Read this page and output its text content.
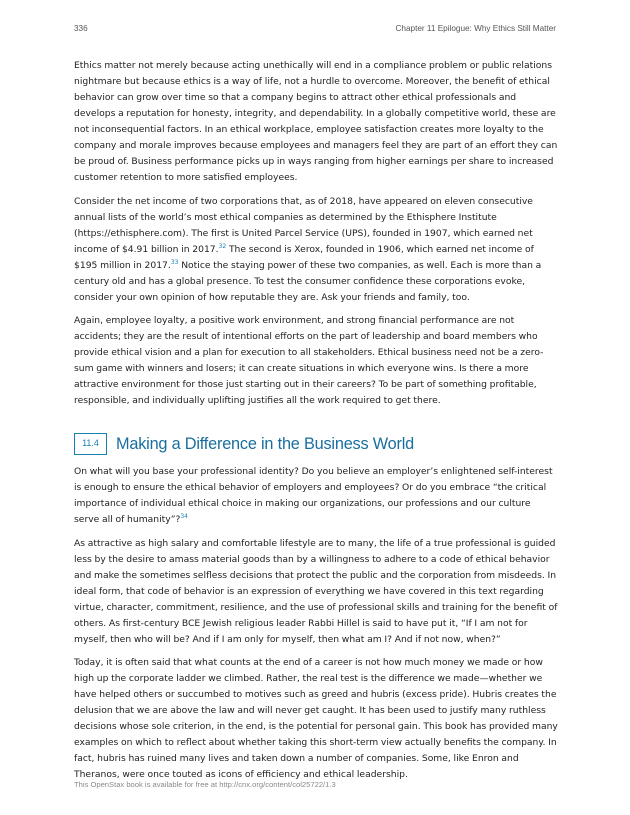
336	Chapter 11 Epilogue: Why Ethics Still Matter

Ethics matter not merely because acting unethically will end in a compliance problem or public relations nightmare but because ethics is a way of life, not a hurdle to overcome. Moreover, the benefit of ethical behavior can grow over time so that a company begins to attract other ethical professionals and develops a reputation for honesty, integrity, and dependability. In a globally competitive world, these are not inconsequential factors. In an ethical workplace, employee satisfaction creates more loyalty to the company and morale improves because employees and managers feel they are part of an effort they can be proud of. Business performance picks up in ways ranging from higher earnings per share to increased customer retention to more satisfied employees.

Consider the net income of two corporations that, as of 2018, have appeared on eleven consecutive annual lists of the world’s most ethical companies as determined by the Ethisphere Institute (https://ethisphere.com). The first is United Parcel Service (UPS), founded in 1907, which earned net income of $4.91 billion in 2017.32 The second is Xerox, founded in 1906, which earned net income of $195 million in 2017.33 Notice the staying power of these two companies, as well. Each is more than a century old and has a global presence. To test the consumer confidence these corporations evoke, consider your own opinion of how reputable they are. Ask your friends and family, too.

Again, employee loyalty, a positive work environment, and strong financial performance are not accidents; they are the result of intentional efforts on the part of leadership and board members who provide ethical vision and a plan for execution to all stakeholders. Ethical business need not be a zero-sum game with winners and losers; it can create situations in which everyone wins. Is there a more attractive environment for those just starting out in their careers? To be part of something profitable, responsible, and individually uplifting justifies all the work required to get there.

11.4	Making a Difference in the Business World

On what will you base your professional identity? Do you believe an employer’s enlightened self-interest is enough to ensure the ethical behavior of employers and employees? Or do you embrace “the critical importance of individual ethical choice in making our organizations, our professions and our culture serve all of humanity”?$^{34}$

As attractive as high salary and comfortable lifestyle are to many, the life of a true professional is guided less by the desire to amass material goods than by a willingness to adhere to a code of ethical behavior and make the sometimes selfless decisions that protect the public and the corporation from misdeeds. In ideal form, that code of behavior is an expression of everything we have covered in this text regarding virtue, character, commitment, resilience, and the use of professional skills and training for the benefit of others. As first-century BCE Jewish religious leader Rabbi Hillel is said to have put it, “If I am not for myself, then who will be? And if I am only for myself, then what am I? And if not now, when?”

Today, it is often said that what counts at the end of a career is not how much money we made or how high up the corporate ladder we climbed. Rather, the real test is the difference we made—whether we have helped others or succumbed to motives such as greed and hubris (excess pride). Hubris creates the delusion that we are above the law and will never get caught. It has been used to justify many ruthless decisions whose sole criterion, in the end, is the potential for personal gain. This book has provided many examples on which to reflect about whether taking this short-term view actually benefits the company. In fact, hubris has ruined many lives and taken down a number of companies. Some, like Enron and Theranos, were once touted as icons of efficiency and ethical leadership.

This OpenStax book is available for free at http://cnx.org/content/col25722/1.3
